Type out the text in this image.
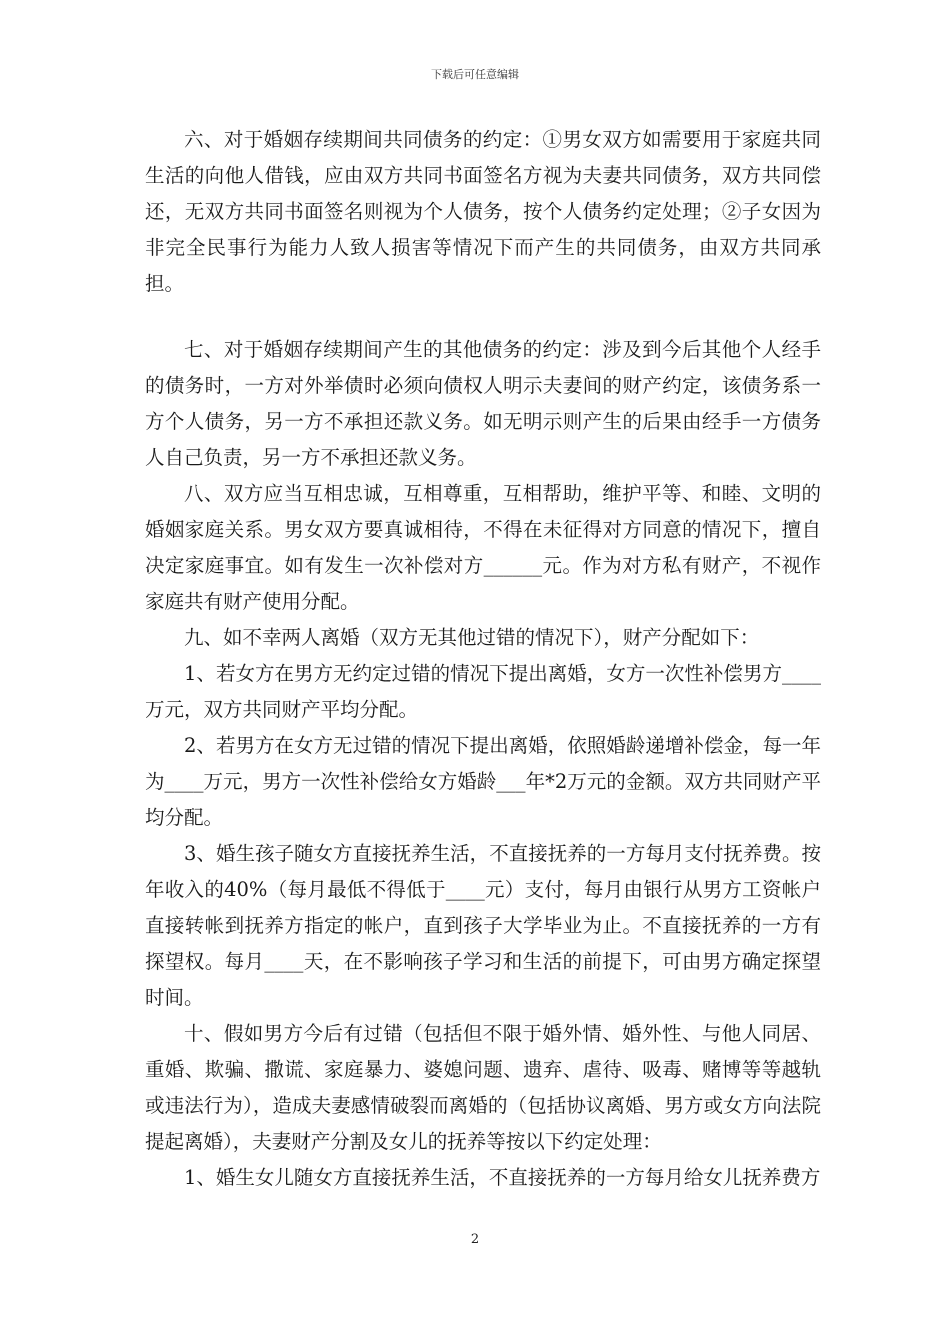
下载后可任意编辑

六、对于婚姻存续期间共同债务的约定：①男女双方如需要用于家庭共同生活的向他人借钱，应由双方共同书面签名方视为夫妻共同债务，双方共同偿还，无双方共同书面签名则视为个人债务，按个人债务约定处理；②子女因为非完全民事行为能力人致人损害等情况下而产生的共同债务，由双方共同承担。

七、对于婚姻存续期间产生的其他债务的约定：涉及到今后其他个人经手的债务时，一方对外举债时必须向债权人明示夫妻间的财产约定，该债务系一方个人债务，另一方不承担还款义务。如无明示则产生的后果由经手一方债务人自己负责，另一方不承担还款义务。

八、双方应当互相忠诚，互相尊重，互相帮助，维护平等、和睦、文明的婚姻家庭关系。男女双方要真诚相待，不得在未征得对方同意的情况下，擅自决定家庭事宜。如有发生一次补偿对方______元。作为对方私有财产，不视作家庭共有财产使用分配。

九、如不幸两人离婚（双方无其他过错的情况下），财产分配如下：

1、若女方在男方无约定过错的情况下提出离婚，女方一次性补偿男方____万元，双方共同财产平均分配。

2、若男方在女方无过错的情况下提出离婚，依照婚龄递增补偿金，每一年为____万元，男方一次性补偿给女方婚龄___年*2万元的金额。双方共同财产平均分配。

3、婚生孩子随女方直接抚养生活，不直接抚养的一方每月支付抚养费。按年收入的40%（每月最低不得低于____元）支付，每月由银行从男方工资帐户直接转帐到抚养方指定的帐户，直到孩子大学毕业为止。不直接抚养的一方有探望权。每月____天，在不影响孩子学习和生活的前提下，可由男方确定探望时间。

十、假如男方今后有过错（包括但不限于婚外情、婚外性、与他人同居、重婚、欺骗、撒谎、家庭暴力、婆媳问题、遗弃、虐待、吸毒、赌博等等越轨或违法行为），造成夫妻感情破裂而离婚的（包括协议离婚、男方或女方向法院提起离婚），夫妻财产分割及女儿的抚养等按以下约定处理：

1、婚生女儿随女方直接抚养生活，不直接抚养的一方每月给女儿抚养费方

2
